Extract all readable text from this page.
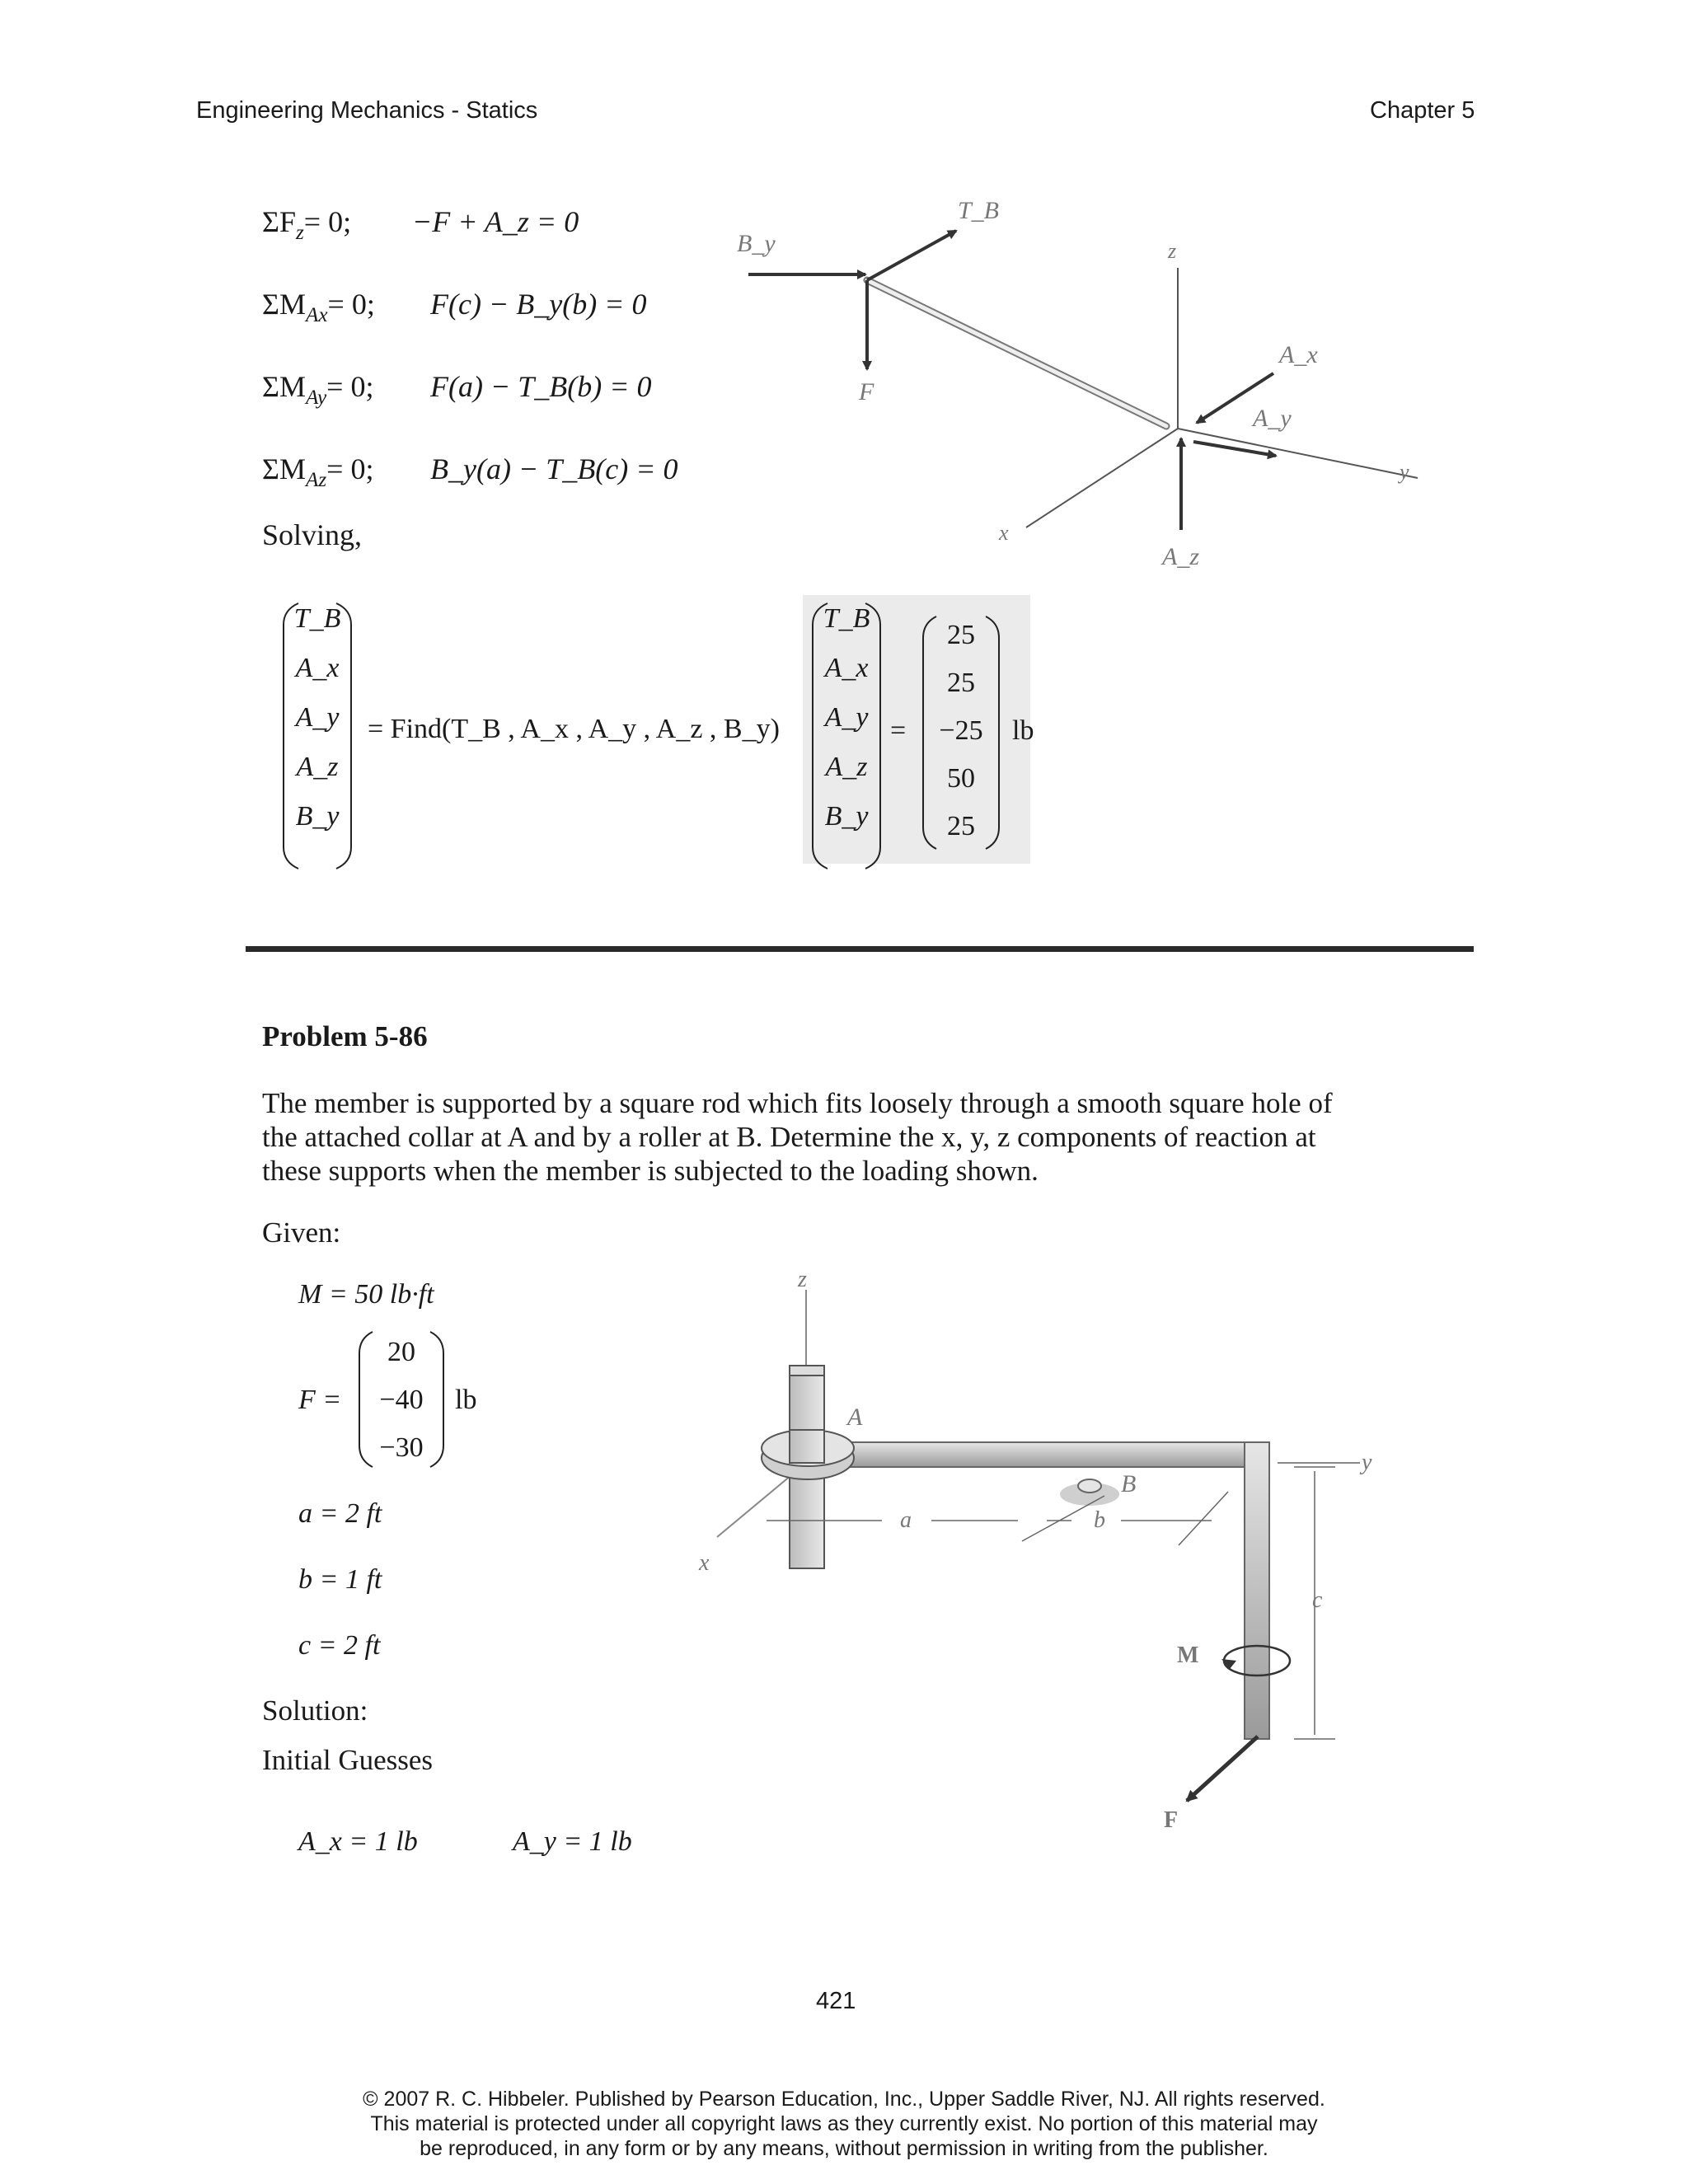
Engineering Mechanics - Statics	Chapter 5
$\Sigma F_z= 0$; −F + A_z = 0
$\Sigma M_{Ax}= 0$; F(c) − B_y(b) = 0
$\Sigma M_{Ay}= 0$; F(a) − T_B(b) = 0
$\Sigma M_{Az}= 0$; B_y(a) − T_B(c) = 0
Solving,
T_B
A_x
A_y
A_z
B_y
= Find(T_B , A_x , A_y , A_z , B_y)
T_B
A_x
A_y
A_z
B_y
=
25
25
−25
50
25
lb
T_B
B_y	z
F
A_x
A_y
y
x
A_z
Problem 5-86
The member is supported by a square rod which fits loosely through a smooth square hole of
the attached collar at A and by a roller at B. Determine the x, y, z components of reaction at
these supports when the member is subjected to the loading shown.
Given:
M = 50 lb·ft
F =
20
−40
−30
lb
a = 2 ft
b = 1 ft
c = 2 ft
Solution:
Initial Guesses
A_x = 1 lb	A_y = 1 lb
z
A
y
B
a	b
x
c
M
F
421
© 2007 R. C. Hibbeler. Published by Pearson Education, Inc., Upper Saddle River, NJ. All rights reserved.
This material is protected under all copyright laws as they currently exist. No portion of this material may
be reproduced, in any form or by any means, without permission in writing from the publisher.
